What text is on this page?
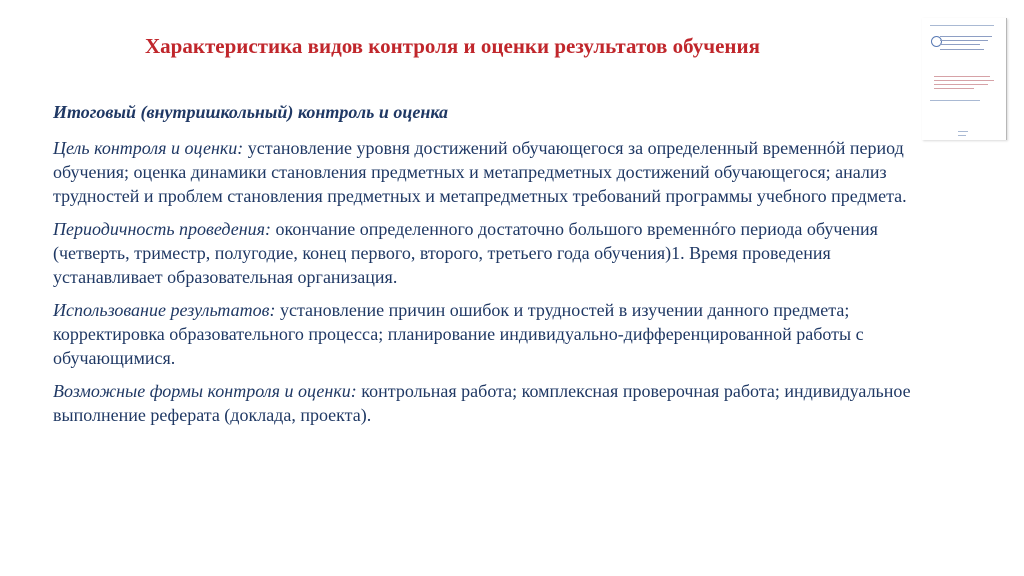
Характеристика видов контроля и оценки результатов обучения
Итоговый (внутришкольный) контроль и оценка

Цель контроля и оценки: установление уровня достижений обучающегося за определенный временнóй период обучения; оценка динамики становления предметных и метапредметных достижений обучающегося; анализ трудностей и проблем становления предметных и метапредметных требований программы учебного предмета.

Периодичность проведения: окончание определенного достаточно большого временнóго периода обучения (четверть, триместр, полугодие, конец первого, второго, третьего года обучения)1. Время проведения устанавливает образовательная организация.

Использование результатов: установление причин ошибок и трудностей в изучении данного предмета; корректировка образовательного процесса; планирование индивидуально-дифференцированной работы с обучающимися.

Возможные формы контроля и оценки: контрольная работа; комплексная проверочная работа; индивидуальное выполнение реферата (доклада, проекта).
